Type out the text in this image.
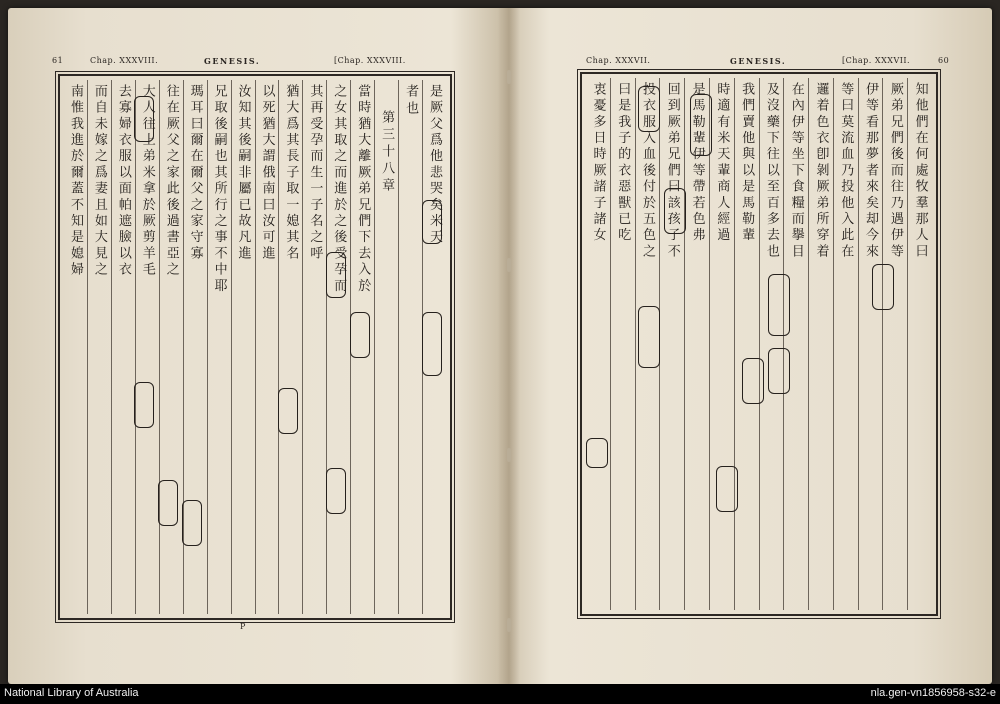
61	Chap. XXXVIII.	GENESIS.	[Chap. XXXVIII.
是厥父爲他悲哭矣米天
者也
第三十八章
當時猶大離厥弟兄們下去入於
之女其取之而進於之後受孕而
其再受孕而生一子名之呼
猶大爲其長子取一媳其名
以死猶大謂俄南曰汝可進
汝知其後嗣非屬已故凡進
兄取後嗣也其所行之事不中耶
瑪耳曰爾在爾父之家守寡
往在厥父之家此後過書亞之
大人往上弟米拿於厥剪羊毛
去寡婦衣服以面帕遮臉以衣
而自未嫁之爲妻且如大見之
南惟我進於爾蓋不知是媳婦
P
Chap. XXXVII.	GENESIS.	[Chap. XXXVII.	60
知他們在何處牧羣那人曰
厥弟兄們後而往乃遇伊等
伊等看那夢者來矣却今來
等曰莫流血乃投他入此在
邏着色衣卽剝厥弟所穿着
在內伊等坐下食糧而擧目
及沒藥下往以至百多去也
我們賣他與以是馬勒輩
時適有米天輩商人經過
是馬勒輩伊等帶若色弗
回到厥弟兄們曰該孩子不
投衣服入血後付於五色之
曰是我子的衣惡獸已吃
衷憂多日時厥諸子諸女
National Library of Australia	nla.gen-vn1856958-s32-e
